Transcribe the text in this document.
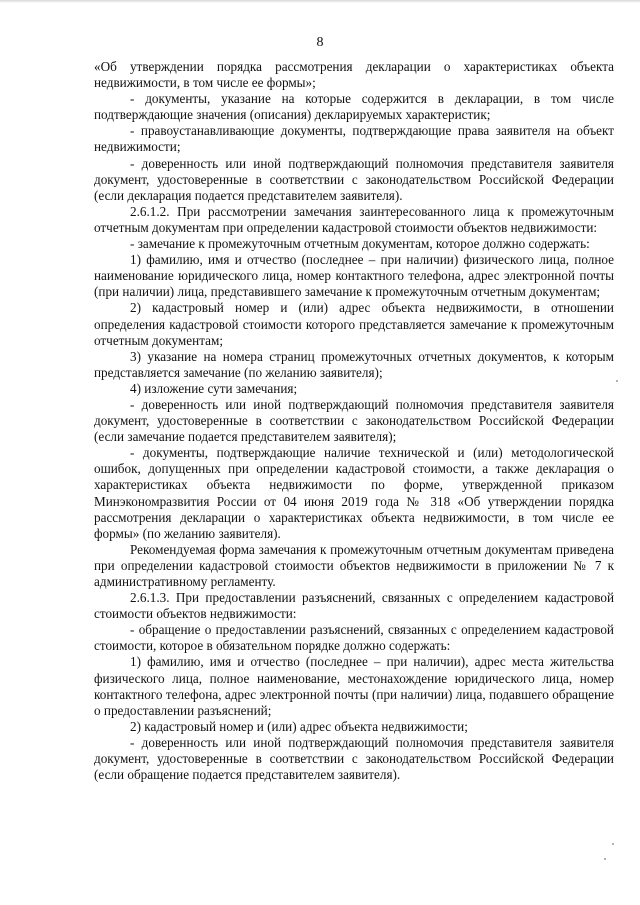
8

«Об утверждении порядка рассмотрения декларации о характеристиках объекта недвижимости, в том числе ее формы»;

- документы, указание на которые содержится в декларации, в том числе подтверждающие значения (описания) декларируемых характеристик;

- правоустанавливающие документы, подтверждающие права заявителя на объект недвижимости;

- доверенность или иной подтверждающий полномочия представителя заявителя документ, удостоверенные в соответствии с законодательством Российской Федерации (если декларация подается представителем заявителя).

2.6.1.2. При рассмотрении замечания заинтересованного лица к промежуточным отчетным документам при определении кадастровой стоимости объектов недвижимости:

- замечание к промежуточным отчетным документам, которое должно содержать:

1) фамилию, имя и отчество (последнее – при наличии) физического лица, полное наименование юридического лица, номер контактного телефона, адрес электронной почты (при наличии) лица, представившего замечание к промежуточным отчетным документам;

2) кадастровый номер и (или) адрес объекта недвижимости, в отношении определения кадастровой стоимости которого представляется замечание к промежуточным отчетным документам;

3) указание на номера страниц промежуточных отчетных документов, к которым представляется замечание (по желанию заявителя);

4) изложение сути замечания;

- доверенность или иной подтверждающий полномочия представителя заявителя документ, удостоверенные в соответствии с законодательством Российской Федерации (если замечание подается представителем заявителя);

- документы, подтверждающие наличие технической и (или) методологической ошибок, допущенных при определении кадастровой стоимости, а также декларация о характеристиках объекта недвижимости по форме, утвержденной приказом Минэкономразвития России от 04 июня 2019 года № 318 «Об утверждении порядка рассмотрения декларации о характеристиках объекта недвижимости, в том числе ее формы» (по желанию заявителя).

Рекомендуемая форма замечания к промежуточным отчетным документам приведена при определении кадастровой стоимости объектов недвижимости в приложении № 7 к административному регламенту.

2.6.1.3. При предоставлении разъяснений, связанных с определением кадастровой стоимости объектов недвижимости:

- обращение о предоставлении разъяснений, связанных с определением кадастровой стоимости, которое в обязательном порядке должно содержать:

1) фамилию, имя и отчество (последнее – при наличии), адрес места жительства физического лица, полное наименование, местонахождение юридического лица, номер контактного телефона, адрес электронной почты (при наличии) лица, подавшего обращение о предоставлении разъяснений;

2) кадастровый номер и (или) адрес объекта недвижимости;

- доверенность или иной подтверждающий полномочия представителя заявителя документ, удостоверенные в соответствии с законодательством Российской Федерации (если обращение подается представителем заявителя).
